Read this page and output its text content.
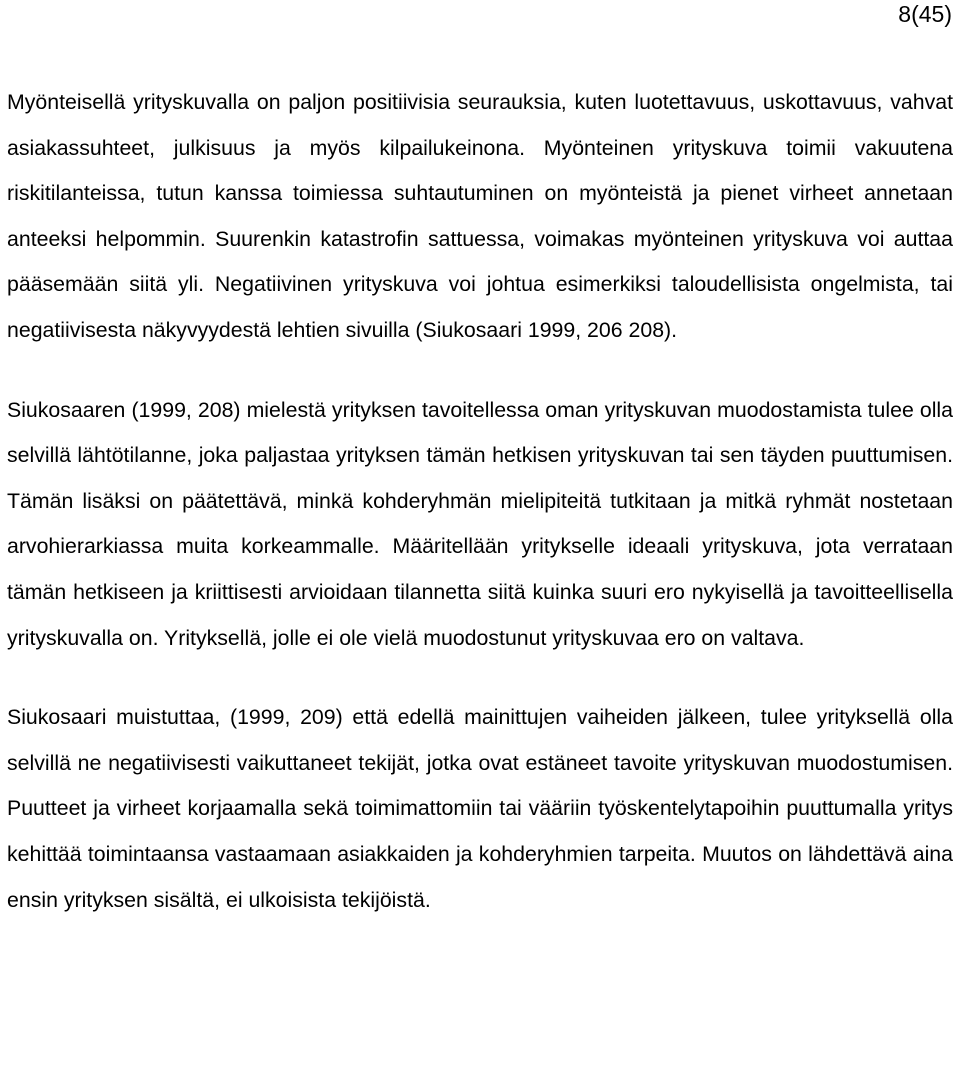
8(45)

Myönteisellä yrityskuvalla on paljon positiivisia seurauksia, kuten luotettavuus, uskottavuus, vahvat asiakassuhteet, julkisuus ja myös kilpailukeinona. Myönteinen yrityskuva toimii vakuutena riskitilanteissa, tutun kanssa toimiessa suhtautuminen on myönteistä ja pienet virheet annetaan anteeksi helpommin. Suurenkin katastrofin sattuessa, voimakas myönteinen yrityskuva voi auttaa pääsemään siitä yli. Negatiivinen yrityskuva voi johtua esimerkiksi taloudellisista ongelmista, tai negatiivisesta näkyvyydestä lehtien sivuilla (Siukosaari 1999, 206 208).

Siukosaaren (1999, 208) mielestä yrityksen tavoitellessa oman yrityskuvan muodostamista tulee olla selvillä lähtötilanne, joka paljastaa yrityksen tämän hetkisen yrityskuvan tai sen täyden puuttumisen. Tämän lisäksi on päätettävä, minkä kohderyhmän mielipiteitä tutkitaan ja mitkä ryhmät nostetaan arvohierarkiassa muita korkeammalle. Määritellään yritykselle ideaali yrityskuva, jota verrataan tämän hetkiseen ja kriittisesti arvioidaan tilannetta siitä kuinka suuri ero nykyisellä ja tavoitteellisella yrityskuvalla on. Yrityksellä, jolle ei ole vielä muodostunut yrityskuvaa ero on valtava.

Siukosaari muistuttaa, (1999, 209) että edellä mainittujen vaiheiden jälkeen, tulee yrityksellä olla selvillä ne negatiivisesti vaikuttaneet tekijät, jotka ovat estäneet tavoite yrityskuvan muodostumisen. Puutteet ja virheet korjaamalla sekä toimimattomiin tai vääriin työskentelytapoihin puuttumalla yritys kehittää toimintaansa vastaamaan asiakkaiden ja kohderyhmien tarpeita. Muutos on lähdettävä aina ensin yrityksen sisältä, ei ulkoisista tekijöistä.
